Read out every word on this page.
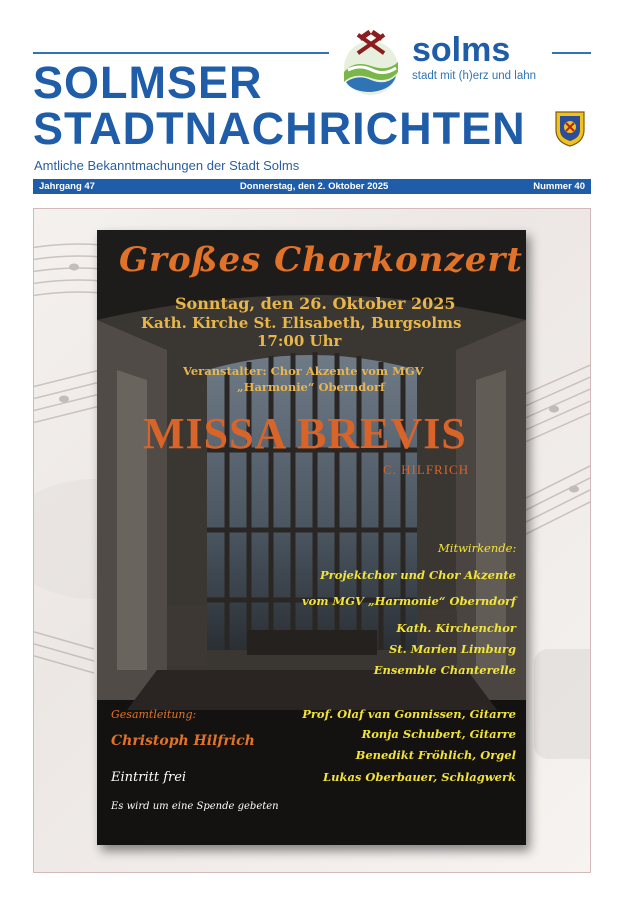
solms
stadt mit (h)erz und lahn
SOLMSER
STADTNACHRICHTEN
Amtliche Bekanntmachungen der Stadt Solms
Jahrgang 47	Donnerstag, den 2. Oktober 2025	Nummer 40
Großes Chorkonzert
Sonntag, den 26. Oktober 2025
Kath. Kirche St. Elisabeth, Burgsolms
17:00 Uhr
Veranstalter: Chor Akzente vom MGV
„Harmonie“ Oberndorf
MISSA BREVIS
C. HILFRICH
Mitwirkende:
Projektchor und Chor Akzente
vom MGV „Harmonie“ Oberndorf
Kath. Kirchenchor
St. Marien Limburg
Ensemble Chanterelle
Gesamtleitung:
Christoph Hilfrich
Eintritt frei
Es wird um eine Spende gebeten
Prof. Olaf van Gonnissen, Gitarre
Ronja Schubert, Gitarre
Benedikt Fröhlich, Orgel
Lukas Oberbauer, Schlagwerk
